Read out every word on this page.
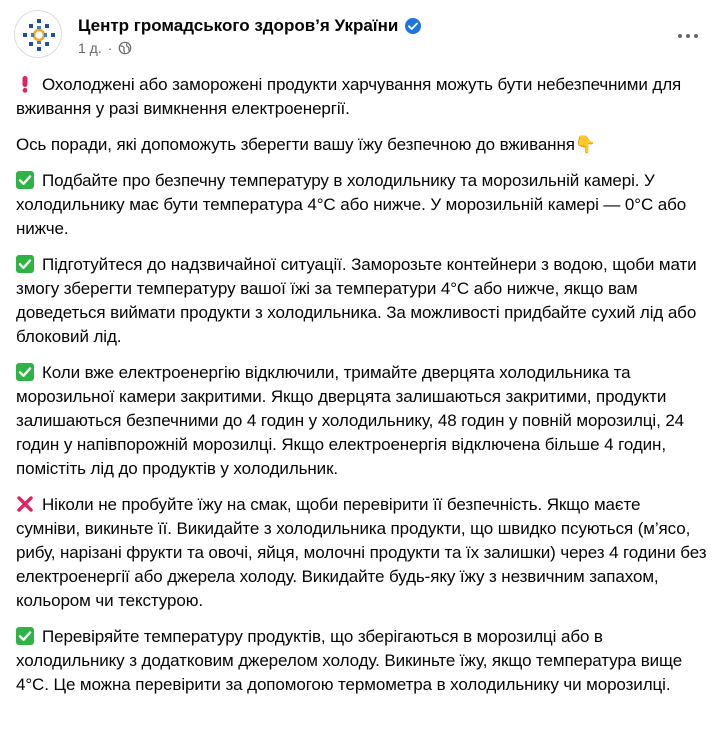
Центр громадського здоров’я України
1 д. ·

Охолоджені або заморожені продукти харчування можуть бути небезпечними для вживання у разі вимкнення електроенергії.

Ось поради, які допоможуть зберегти вашу їжу безпечною до вживання👇

Подбайте про безпечну температуру в холодильнику та морозильній камері. У холодильнику має бути температура 4°C або нижче. У морозильній камері — 0°C або нижче.

Підготуйтеся до надзвичайної ситуації. Заморозьте контейнери з водою, щоби мати змогу зберегти температуру вашої їжі за температури 4°C або нижче, якщо вам доведеться виймати продукти з холодильника. За можливості придбайте сухий лід або блоковий лід.

Коли вже електроенергію відключили, тримайте дверцята холодильника та морозильної камери закритими. Якщо дверцята залишаються закритими, продукти залишаються безпечними до 4 годин у холодильнику, 48 годин у повній морозилці, 24 годин у напівпорожній морозилці. Якщо електроенергія відключена більше 4 годин, помістіть лід до продуктів у холодильник.

Ніколи не пробуйте їжу на смак, щоби перевірити її безпечність. Якщо маєте сумніви, викиньте її. Викидайте з холодильника продукти, що швидко псуються (м’ясо, рибу, нарізані фрукти та овочі, яйця, молочні продукти та їх залишки) через 4 години без електроенергії або джерела холоду. Викидайте будь-яку їжу з незвичним запахом, кольором чи текстурою.

Перевіряйте температуру продуктів, що зберігаються в морозилці або в холодильнику з додатковим джерелом холоду. Викиньте їжу, якщо температура вище 4°C. Це можна перевірити за допомогою термометра в холодильнику чи морозилці.
